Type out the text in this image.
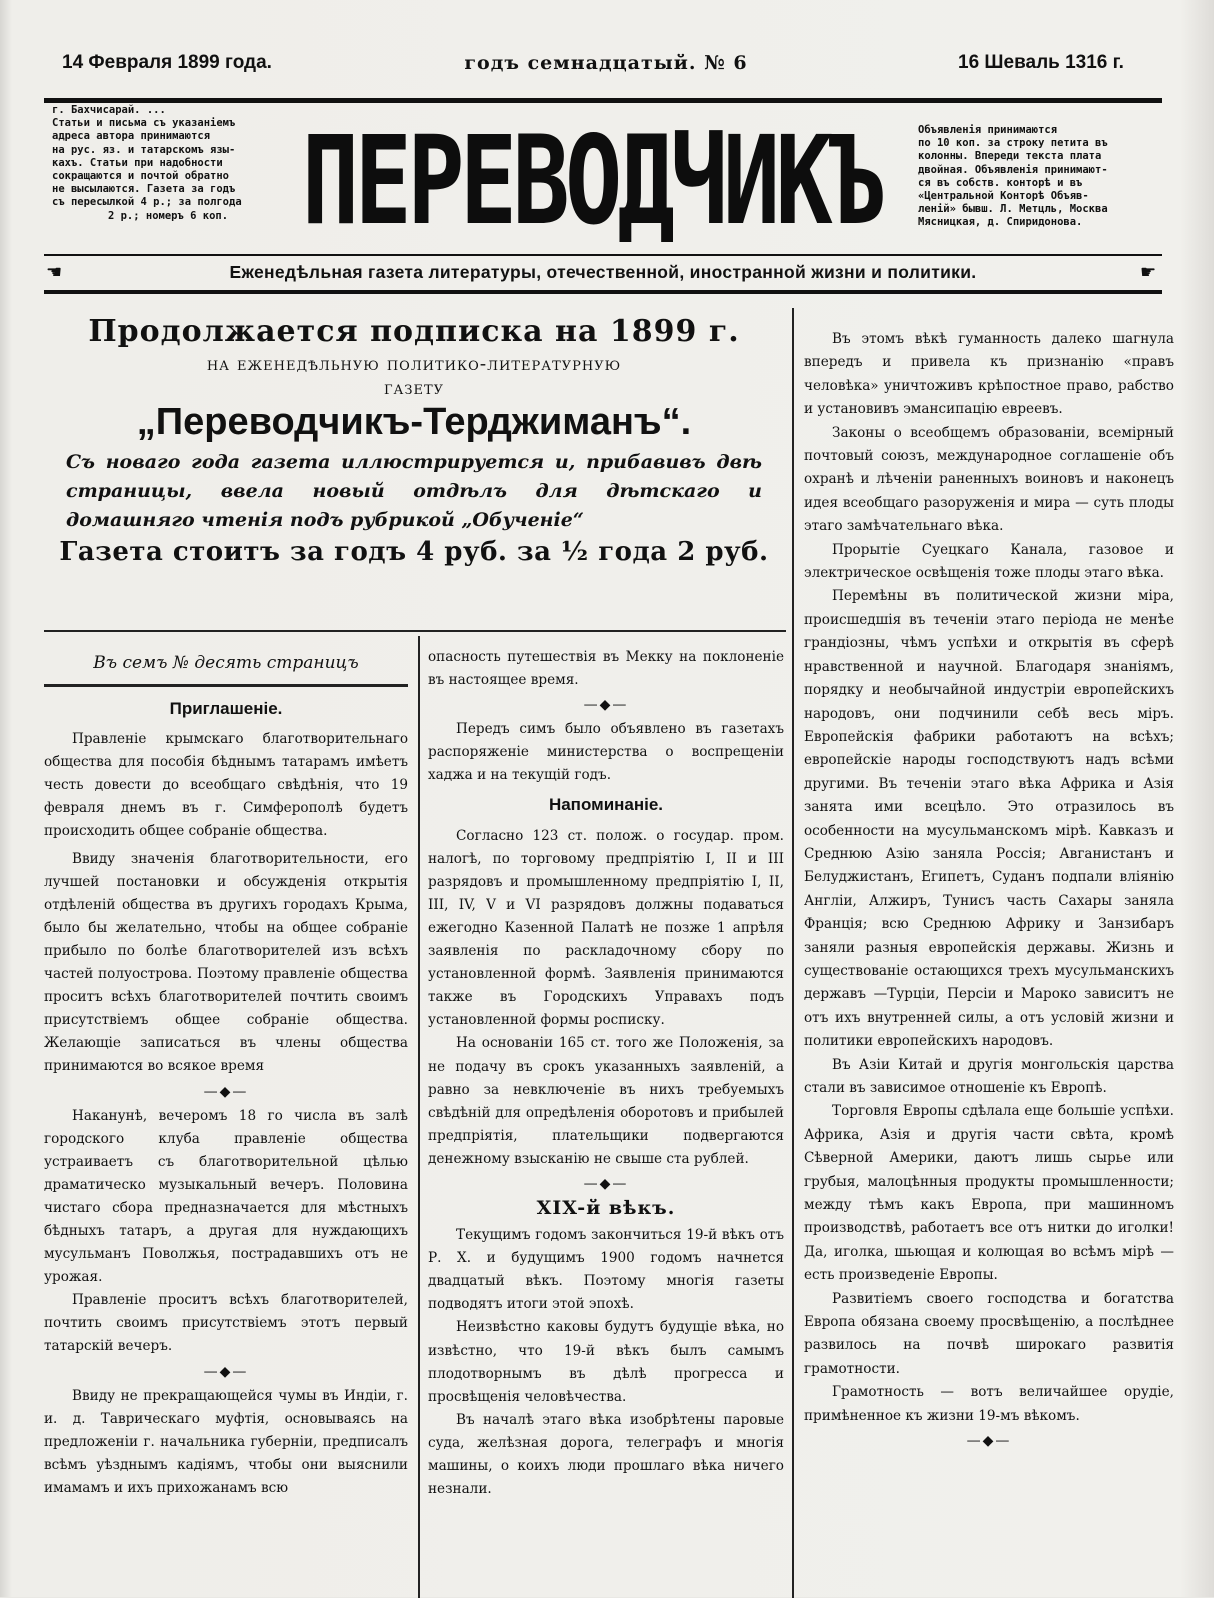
14 Февраля 1899 года.	годъ семнадцатый. № 6	16 Шеваль 1316 г.
г. Бахчисарай. ...
Статьи и письма съ указанiемъ
адреса автора принимаются
на рус. яз. и татарскомъ язы-
кахъ. Статьи при надобности
сокращаются и почтой обратно
не высылаются. Газета за годъ
съ пересылкой 4 р.; за полгода
2 р.; номеръ 6 коп. ПЕРЕВОДЧИКЪ	Объявленiя принимаются
по 10 коп. за строку петита въ
колонны. Впереди текста плата
двойная. Объявленiя принимают-
ся въ собств. конторѣ и въ
«Центральной Конторѣ Объяв-
ленiй» бывш. Л. Метцль, Москва
Мясницкая, д. Спиридонова.
☚	Еженедѣльная газета литературы, отечественной, иностранной жизни и политики.	☛
Продолжается подписка на 1899 г.
на еженедѣльную политико-литературную
газету
„Переводчикъ-Терджиманъ“.
Съ новаго года газета иллюстрируется и, прибавивъ двѣ страницы, ввела новый отдѣлъ для дѣтскаго и домашняго чтенія подъ рубрикой „Обученіе“
Газета стоитъ за годъ 4 руб. за ½ года 2 руб.
Въ семъ № десять страницъ
Приглашеніе.

Правленіе крымскаго благотворительнаго общества для пособія бѣднымъ татарамъ имѣетъ честь довести до всеобщаго свѣдѣнія, что 19 февраля днемъ въ г. Симферополѣ будетъ происходить общее собраніе общества.

Ввиду значенія благотворительности, его лучшей постановки и обсужденія открытія отдѣленій общества въ другихъ городахъ Крыма, было бы желательно, чтобы на общее собраніе прибыло по болѣе благотворителей изъ всѣхъ частей полуострова. Поэтому правленіе общества проситъ всѣхъ благотворителей почтить своимъ присутствіемъ общее собраніе общества. Желающіе записаться въ члены общества принимаются во всякое время

—◆—

Наканунѣ, вечеромъ 18 го числа въ залѣ городского клуба правленіе общества устраиваетъ съ благотворительной цѣлью драматическо музыкальный вечеръ. Половина чистаго сбора предназначается для мѣстныхъ бѣдныхъ татаръ, а другая для нуждающихъ мусульманъ Поволжья, пострадавшихъ отъ не урожая.

Правленіе проситъ всѣхъ благотворителей, почтить своимъ присутствіемъ этотъ первый татарскій вечеръ.

—◆—

Ввиду не прекращающейся чумы въ Индіи, г. и. д. Таврическаго муфтія, основываясь на предложеніи г. начальника губерніи, предписалъ всѣмъ уѣзднымъ кадіямъ, чтобы они выяснили имамамъ и ихъ прихожанамъ всю

опасность путешествія въ Мекку на поклоненіе въ настоящее время.

—◆—

Передъ симъ было объявлено въ газетахъ распоряженіе министерства о воспрещеніи хаджа и на текущій годъ.

Напоминаніе.

Согласно 123 ст. полож. о государ. пром. налогѣ, по торговому предпріятію I, II и III разрядовъ и промышленному предпріятію I, II, III, IV, V и VI разрядовъ должны подаваться ежегодно Казенной Палатѣ не позже 1 апрѣля заявленія по раскладочному сбору по установленной формѣ. Заявленія принимаются также въ Городскихъ Управахъ подъ установленной формы росписку.

На основаніи 165 ст. того же Положенія, за не подачу въ срокъ указанныхъ заявленій, а равно за невключеніе въ нихъ требуемыхъ свѣдѣній для опредѣленія оборотовъ и прибылей предпріятія, плательщики подвергаются денежному взысканію не свыше ста рублей.

—◆—
XIX-й вѣкъ.

Текущимъ годомъ закончиться 19-й вѣкъ отъ Р. Х. и будущимъ 1900 годомъ начнется двадцатый вѣкъ. Поэтому многія газеты подводятъ итоги этой эпохѣ.

Неизвѣстно каковы будутъ будущіе вѣка, но извѣстно, что 19-й вѣкъ былъ самымъ плодотворнымъ въ дѣлѣ прогресса и просвѣщенія человѣчества.

Въ началѣ этаго вѣка изобрѣтены паровые суда, желѣзная дорога, телеграфъ и многія машины, о коихъ люди прошлаго вѣка ничего незнали.

Въ этомъ вѣкѣ гуманность далеко шагнула впередъ и привела къ признанію «правъ человѣка» уничтоживъ крѣпостное право, рабство и установивъ эмансипацію евреевъ.

Законы о всеобщемъ образованіи, всемірный почтовый союзъ, международное соглашеніе объ охранѣ и лѣченіи раненныхъ воиновъ и наконецъ идея всеобщаго разоруженія и мира — суть плоды этаго замѣчательнаго вѣка.

Прорытіе Суецкаго Канала, газовое и электрическое освѣщенія тоже плоды этаго вѣка.

Перемѣны въ политической жизни міра, происшедшія въ теченіи этаго періода не менѣе грандіозны, чѣмъ успѣхи и открытія въ сферѣ нравственной и научной. Благодаря знаніямъ, порядку и необычайной индустріи европейскихъ народовъ, они подчинили себѣ весь міръ. Европейскія фабрики работаютъ на всѣхъ; европейскіе народы господствуютъ надъ всѣми другими. Въ теченіи этаго вѣка Африка и Азія занята ими всецѣло. Это отразилось въ особенности на мусульманскомъ мірѣ. Кавказъ и Среднюю Азію заняла Россія; Авганистанъ и Белуджистанъ, Египетъ, Суданъ подпали вліянію Англіи, Алжиръ, Тунисъ часть Сахары заняла Франція; всю Среднюю Африку и Занзибаръ заняли разныя европейскія державы. Жизнь и существованіе остающихся трехъ мусульманскихъ державъ —Турціи, Персіи и Мароко зависитъ не отъ ихъ внутренней силы, а отъ условій жизни и политики европейскихъ народовъ.

Въ Азіи Китай и другія монгольскія царства стали въ зависимое отношеніе къ Европѣ.

Торговля Европы сдѣлала еще большіе успѣхи. Африка, Азія и другія части свѣта, кромѣ Сѣверной Америки, даютъ лишь сырье или грубыя, малоцѣнныя продукты промышленности; между тѣмъ какъ Европа, при машинномъ производствѣ, работаетъ все отъ нитки до иголки! Да, иголка, шьющая и колющая во всѣмъ мірѣ — есть произведеніе Европы.

Развитіемъ своего господства и богатства Европа обязана своему просвѣщенію, а послѣднее развилось на почвѣ широкаго развитія грамотности.

Грамотность — вотъ величайшее орудіе, примѣненное къ жизни 19-мъ вѣкомъ.

—◆—
